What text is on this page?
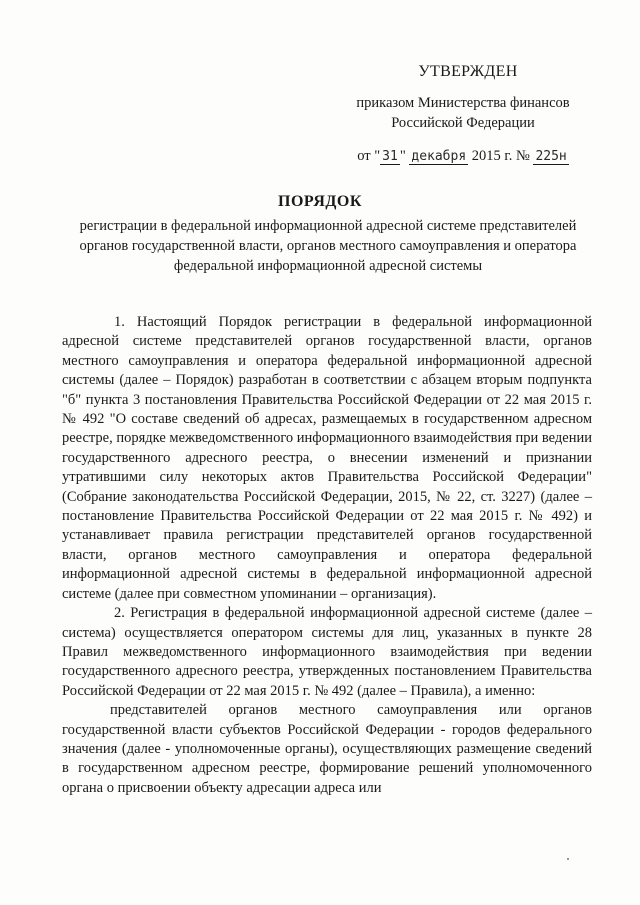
УТВЕРЖДЕН
приказом Министерства финансов
Российской Федерации
от " 31 " декабря 2015 г. № 225н
ПОРЯДОК
регистрации в федеральной информационной адресной системе представителей органов государственной власти, органов местного самоуправления и оператора федеральной информационной адресной системы

1. Настоящий Порядок регистрации в федеральной информационной адресной системе представителей органов государственной власти, органов местного самоуправления и оператора федеральной информационной адресной системы (далее – Порядок) разработан в соответствии с абзацем вторым подпункта "б" пункта 3 постановления Правительства Российской Федерации от 22 мая 2015 г. № 492 "О составе сведений об адресах, размещаемых в государственном адресном реестре, порядке межведомственного информационного взаимодействия при ведении государственного адресного реестра, о внесении изменений и признании утратившими силу некоторых актов Правительства Российской Федерации" (Собрание законодательства Российской Федерации, 2015, № 22, ст. 3227) (далее – постановление Правительства Российской Федерации от 22 мая 2015 г. № 492) и устанавливает правила регистрации представителей органов государственной власти, органов местного самоуправления и оператора федеральной информационной адресной системы в федеральной информационной адресной системе (далее при совместном упоминании – организация).

2. Регистрация в федеральной информационной адресной системе (далее – система) осуществляется оператором системы для лиц, указанных в пункте 28 Правил межведомственного информационного взаимодействия при ведении государственного адресного реестра, утвержденных постановлением Правительства Российской Федерации от 22 мая 2015 г. № 492 (далее – Правила), а именно:

представителей органов местного самоуправления или органов государственной власти субъектов Российской Федерации - городов федерального значения (далее - уполномоченные органы), осуществляющих размещение сведений в государственном адресном реестре, формирование решений уполномоченного органа о присвоении объекту адресации адреса или
